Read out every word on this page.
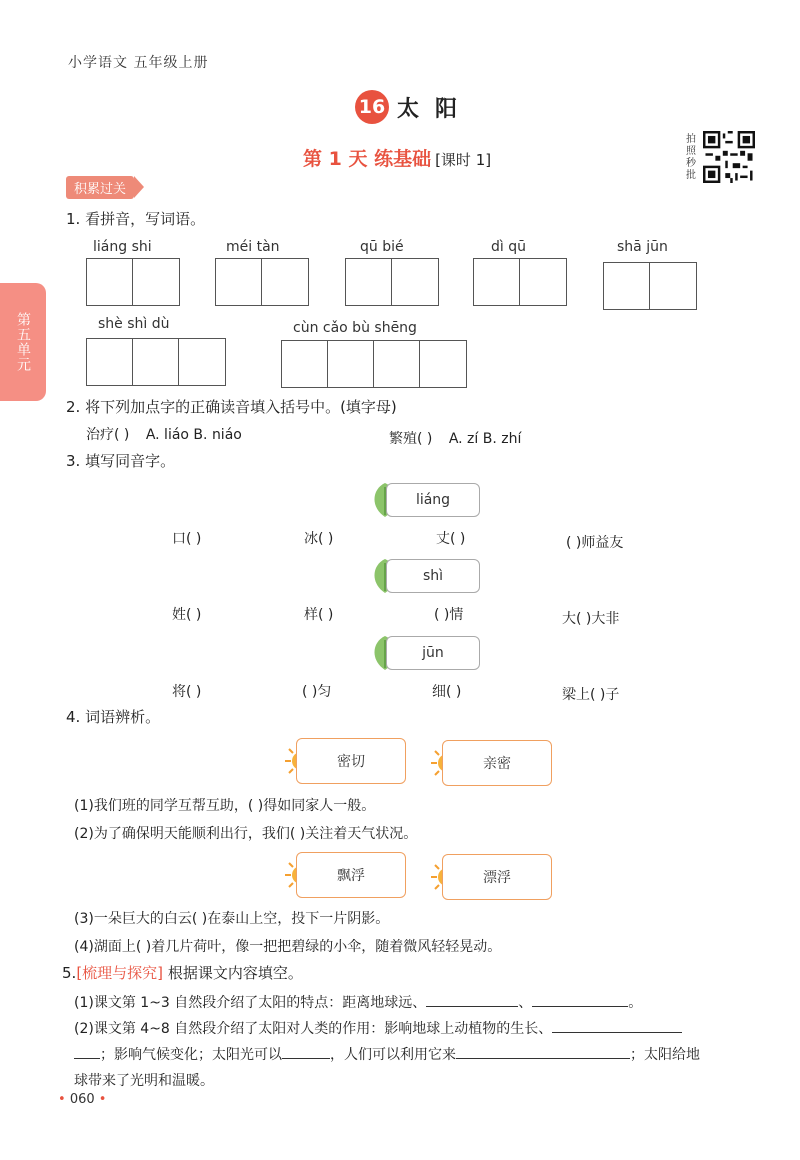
小学语文 五年级上册
16 太阳
第 1 天 练基础 [课时 1]
拍照秒批
第五单元
积累过关
1. 看拼音，写词语。
liáng shi	méi tàn	qū bié	dì qū	shā jūn
shè shì dù	cùn cǎo bù shēng
2. 将下列加点字的正确读音填入括号中。(填字母)
治疗( ) A. liáo B. niáo	繁殖( ) A. zí B. zhí
3. 填写同音字。
liáng
口( )	冰( )	丈( )	( )师益友
shì
姓( )	样( )	( )情	大( )大非
jūn
将( )	( )匀	细( )	梁上( )子
4. 词语辨析。
密切	亲密
(1)我们班的同学互帮互助，( )得如同家人一般。
(2)为了确保明天能顺利出行，我们( )关注着天气状况。
飘浮	漂浮
(3)一朵巨大的白云( )在泰山上空，投下一片阴影。
(4)湖面上( )着几片荷叶，像一把把碧绿的小伞，随着微风轻轻晃动。
5.[梳理与探究] 根据课文内容填空。
(1)课文第 1~3 自然段介绍了太阳的特点：距离地球远、	、	。
(2)课文第 4~8 自然段介绍了太阳对人类的作用：影响地球上动植物的生长、
；影响气候变化；太阳光可以	，人们可以利用它来	；太阳给地
球带来了光明和温暖。
• 060 •
